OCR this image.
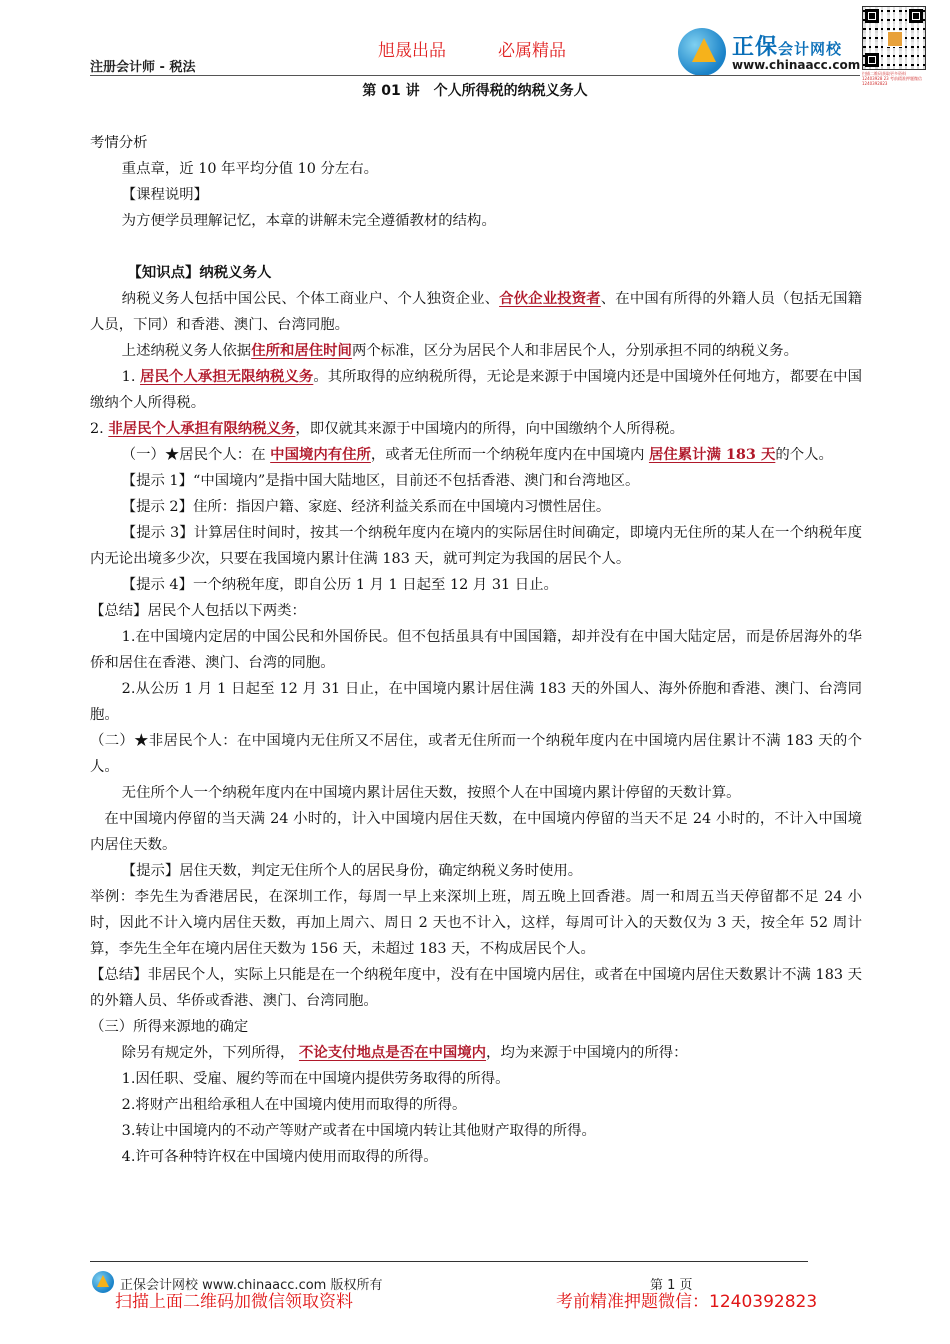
注册会计师 - 税法
旭晟出品	必属精品	正保会计网校
www.chinaacc.com
扫描二维码获取更多资料 12403928 23 考前精准押题微信 1240392823
第 01 讲　个人所得税的纳税义务人

考情分析

重点章，近 10 年平均分值 10 分左右。

【课程说明】

为方便学员理解记忆，本章的讲解未完全遵循教材的结构。

【知识点】纳税义务人

纳税义务人包括中国公民、个体工商业户、个人独资企业、合伙企业投资者、在中国有所得的外籍人员（包括无国籍人员，下同）和香港、澳门、台湾同胞。

上述纳税义务人依据住所和居住时间两个标准，区分为居民个人和非居民个人，分别承担不同的纳税义务。

1. 居民个人承担无限纳税义务。其所取得的应纳税所得，无论是来源于中国境内还是中国境外任何地方，都要在中国缴纳个人所得税。

2. 非居民个人承担有限纳税义务，即仅就其来源于中国境内的所得，向中国缴纳个人所得税。

（一）★居民个人：在 中国境内有住所，或者无住所而一个纳税年度内在中国境内 居住累计满 183 天的个人。

【提示 1】“中国境内”是指中国大陆地区，目前还不包括香港、澳门和台湾地区。

【提示 2】住所：指因户籍、家庭、经济利益关系而在中国境内习惯性居住。

【提示 3】计算居住时间时，按其一个纳税年度内在境内的实际居住时间确定，即境内无住所的某人在一个纳税年度内无论出境多少次，只要在我国境内累计住满 183 天，就可判定为我国的居民个人。

【提示 4】一个纳税年度，即自公历 1 月 1 日起至 12 月 31 日止。

【总结】居民个人包括以下两类：

1.在中国境内定居的中国公民和外国侨民。但不包括虽具有中国国籍，却并没有在中国大陆定居，而是侨居海外的华侨和居住在香港、澳门、台湾的同胞。

2.从公历 1 月 1 日起至 12 月 31 日止，在中国境内累计居住满 183 天的外国人、海外侨胞和香港、澳门、台湾同胞。

（二）★非居民个人：在中国境内无住所又不居住，或者无住所而一个纳税年度内在中国境内居住累计不满 183 天的个人。

无住所个人一个纳税年度内在中国境内累计居住天数，按照个人在中国境内累计停留的天数计算。

在中国境内停留的当天满 24 小时的，计入中国境内居住天数，在中国境内停留的当天不足 24 小时的，不计入中国境内居住天数。

【提示】居住天数，判定无住所个人的居民身份，确定纳税义务时使用。

举例：李先生为香港居民，在深圳工作，每周一早上来深圳上班，周五晚上回香港。周一和周五当天停留都不足 24 小时，因此不计入境内居住天数，再加上周六、周日 2 天也不计入，这样，每周可计入的天数仅为 3 天，按全年 52 周计算，李先生全年在境内居住天数为 156 天，未超过 183 天，不构成居民个人。

【总结】非居民个人，实际上只能是在一个纳税年度中，没有在中国境内居住，或者在中国境内居住天数累计不满 183 天的外籍人员、华侨或香港、澳门、台湾同胞。

（三）所得来源地的确定

除另有规定外，下列所得， 不论支付地点是否在中国境内，均为来源于中国境内的所得：

1.因任职、受雇、履约等而在中国境内提供劳务取得的所得。

2.将财产出租给承租人在中国境内使用而取得的所得。

3.转让中国境内的不动产等财产或者在中国境内转让其他财产取得的所得。

4.许可各种特许权在中国境内使用而取得的所得。

正保会计网校 www.chinaacc.com 版权所有	第 1 页
扫描上面二维码加微信领取资料	考前精准押题微信：1240392823
